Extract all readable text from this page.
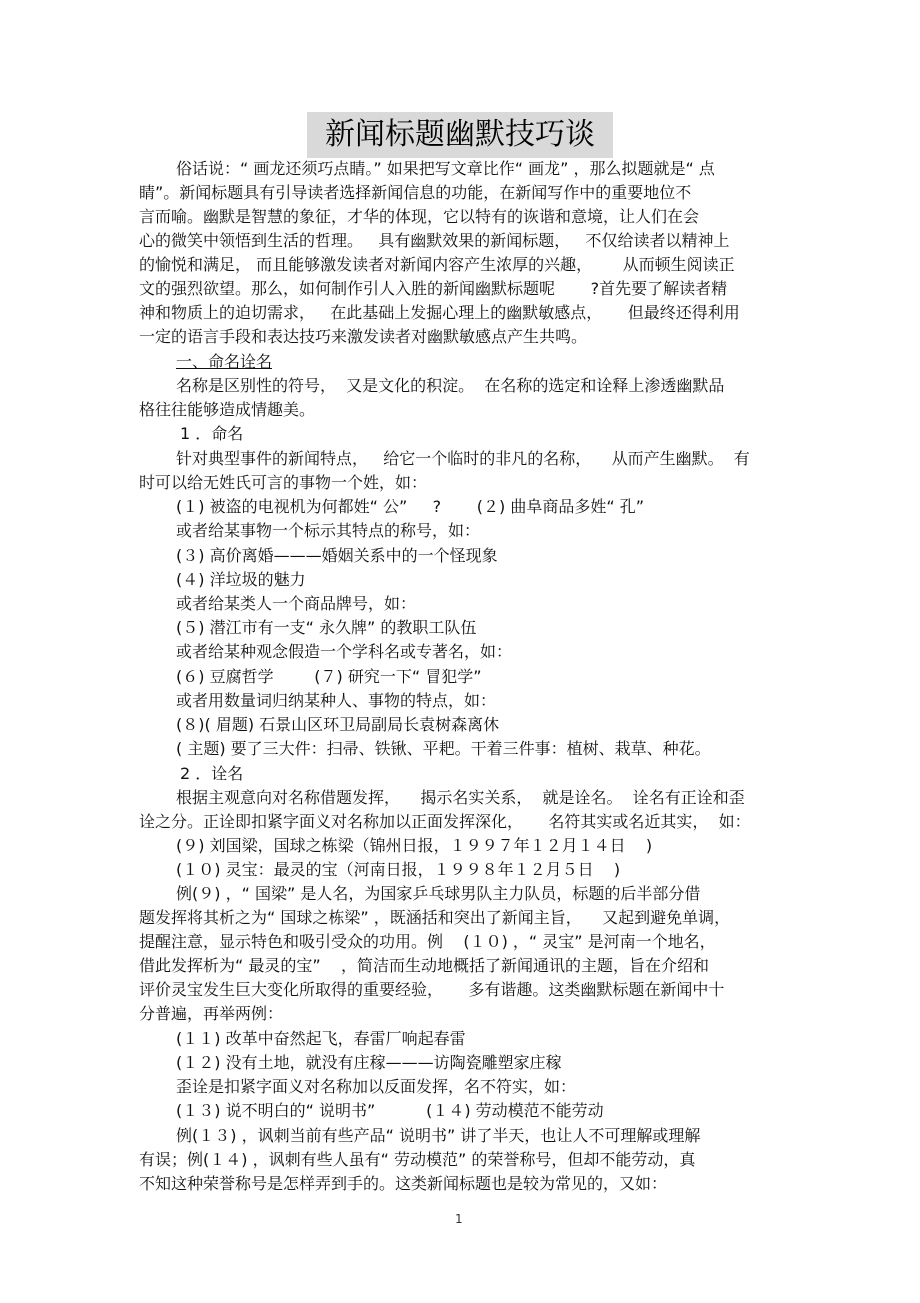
新闻标题幽默技巧谈
俗话说：“ 画龙还须巧点睛。” 如果把写文章比作“ 画龙” ，那么拟题就是“ 点
睛”。新闻标题具有引导读者选择新闻信息的功能，在新闻写作中的重要地位不
言而喻。幽默是智慧的象征，才华的体现，它以特有的诙谐和意境，让人们在会
心的微笑中领悟到生活的哲理。   具有幽默效果的新闻标题，   不仅给读者以精神上
的愉悦和满足， 而且能够激发读者对新闻内容产生浓厚的兴趣，      从而顿生阅读正
文的强烈欲望。那么，如何制作引人入胜的新闻幽默标题呢       ?首先要了解读者精
神和物质上的迫切需求，   在此基础上发掘心理上的幽默敏感点，     但最终还得利用
一定的语言手段和表达技巧来激发读者对幽默敏感点产生共鸣。
一、命名诠名
名称是区别性的符号，  又是文化的积淀。  在名称的选定和诠释上渗透幽默品
格往往能够造成情趣美。
1 ．命名
针对典型事件的新闻特点，   给它一个临时的非凡的名称，    从而产生幽默。  有
时可以给无姓氏可言的事物一个姓，如：
(１) 被盗的电视机为何都姓“ 公”     ?       (２) 曲阜商品多姓“ 孔”
或者给某事物一个标示其特点的称号，如：
(３) 高价离婚———婚姻关系中的一个怪现象
(４) 洋垃圾的魅力
或者给某类人一个商品牌号，如：
(５) 潜江市有一支“ 永久牌” 的教职工队伍
或者给某种观念假造一个学科名或专著名，如：
(６) 豆腐哲学        (７) 研究一下“ 冒犯学”
或者用数量词归纳某种人、事物的特点，如：
(８)( 眉题) 石景山区环卫局副局长袁树森离休
( 主题) 要了三大件：扫帚、铁锹、平耙。干着三件事：植树、栽草、种花。
2 ．诠名
根据主观意向对名称借题发挥，    揭示名实关系，  就是诠名。  诠名有正诠和歪
诠之分。正诠即扣紧字面义对名称加以正面发挥深化，     名符其实或名近其实，  如：
(９) 刘国梁，国球之栋梁（锦州日报，１９９７年１２月１４日    )
(１０) 灵宝：最灵的宝（河南日报，１９９８年１２月５日    )
例(９) ，“ 国梁” 是人名，为国家乒乓球男队主力队员，标题的后半部分借
题发挥将其析之为“ 国球之栋梁” ，既涵括和突出了新闻主旨，    又起到避免单调，
提醒注意，显示特色和吸引受众的功用。例    (１０) ，“ 灵宝” 是河南一个地名，
借此发挥析为“ 最灵的宝”    ，简洁而生动地概括了新闻通讯的主题，旨在介绍和
评价灵宝发生巨大变化所取得的重要经验，     多有谐趣。这类幽默标题在新闻中十
分普遍，再举两例：
(１１) 改革中奋然起飞，春雷厂响起春雷
(１２) 没有土地，就没有庄稼———访陶瓷雕塑家庄稼
歪诠是扣紧字面义对名称加以反面发挥，名不符实，如：
(１３) 说不明白的“ 说明书”          (１４) 劳动模范不能劳动
例(１３) ，讽刺当前有些产品“ 说明书” 讲了半天，也让人不可理解或理解
有误；例(１４) ，讽刺有些人虽有“ 劳动模范” 的荣誉称号，但却不能劳动，真
不知这种荣誉称号是怎样弄到手的。这类新闻标题也是较为常见的，又如：
1
